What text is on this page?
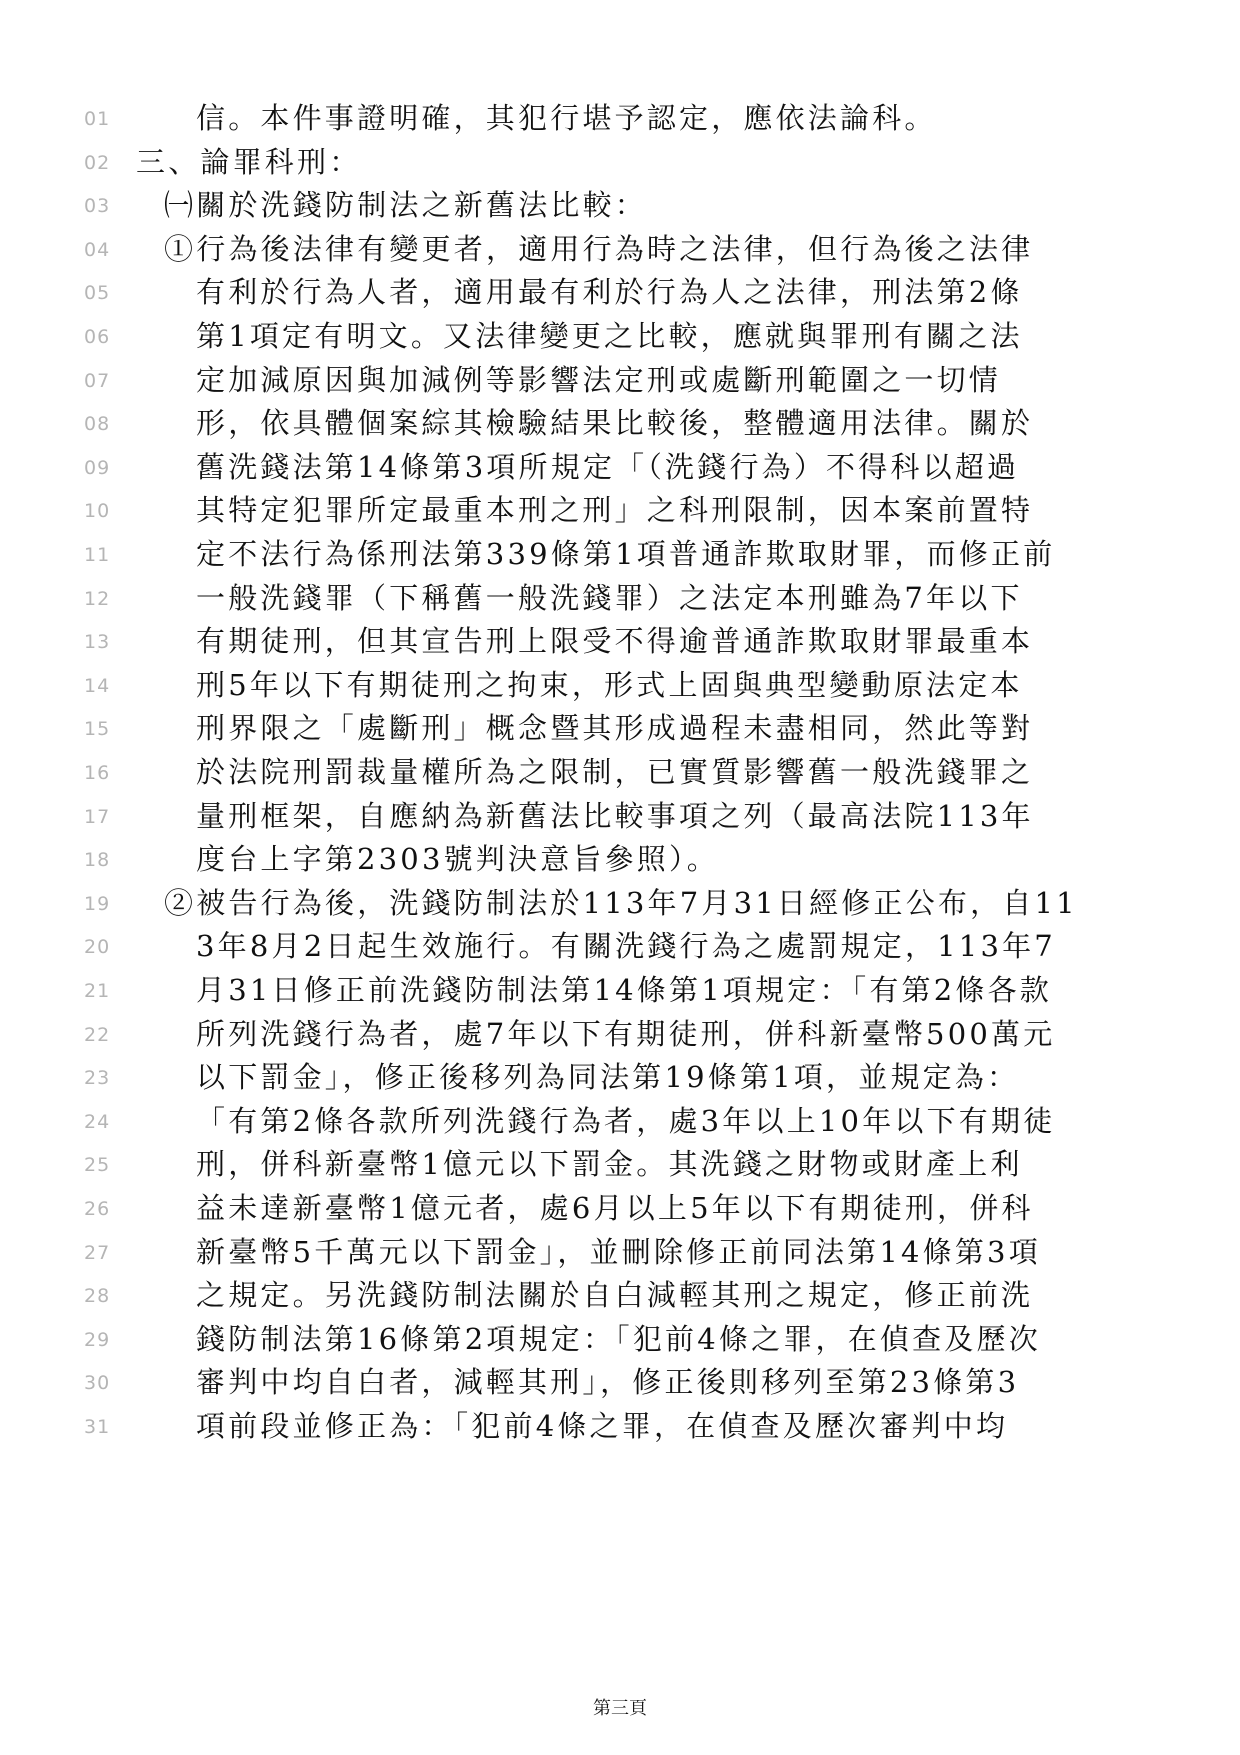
01	信。本件事證明確，其犯行堪予認定，應依法論科。
02 三、論罪科刑：
03 ㈠關於洗錢防制法之新舊法比較：
04 ①行為後法律有變更者，適用行為時之法律，但行為後之法律
05	有利於行為人者，適用最有利於行為人之法律，刑法第2條
06	第1項定有明文。又法律變更之比較，應就與罪刑有關之法
07	定加減原因與加減例等影響法定刑或處斷刑範圍之一切情
08	形，依具體個案綜其檢驗結果比較後，整體適用法律。關於
09	舊洗錢法第14條第3項所規定「（洗錢行為）不得科以超過
10	其特定犯罪所定最重本刑之刑」之科刑限制，因本案前置特
11	定不法行為係刑法第339條第1項普通詐欺取財罪，而修正前
12	一般洗錢罪（下稱舊一般洗錢罪）之法定本刑雖為7年以下
13	有期徒刑，但其宣告刑上限受不得逾普通詐欺取財罪最重本
14	刑5年以下有期徒刑之拘束，形式上固與典型變動原法定本
15	刑界限之「處斷刑」概念暨其形成過程未盡相同，然此等對
16	於法院刑罰裁量權所為之限制，已實質影響舊一般洗錢罪之
17	量刑框架，自應納為新舊法比較事項之列（最高法院113年
18	度台上字第2303號判決意旨參照）。
19 ②被告行為後，洗錢防制法於113年7月31日經修正公布，自11
20	3年8月2日起生效施行。有關洗錢行為之處罰規定，113年7
21	月31日修正前洗錢防制法第14條第1項規定：「有第2條各款
22	所列洗錢行為者，處7年以下有期徒刑，併科新臺幣500萬元
23	以下罰金」，修正後移列為同法第19條第1項，並規定為：
24	「有第2條各款所列洗錢行為者，處3年以上10年以下有期徒
25	刑，併科新臺幣1億元以下罰金。其洗錢之財物或財產上利
26	益未達新臺幣1億元者，處6月以上5年以下有期徒刑，併科
27	新臺幣5千萬元以下罰金」，並刪除修正前同法第14條第3項
28	之規定。另洗錢防制法關於自白減輕其刑之規定，修正前洗
29	錢防制法第16條第2項規定：「犯前4條之罪，在偵查及歷次
30	審判中均自白者，減輕其刑」，修正後則移列至第23條第3
31	項前段並修正為：「犯前4條之罪，在偵查及歷次審判中均
第三頁
